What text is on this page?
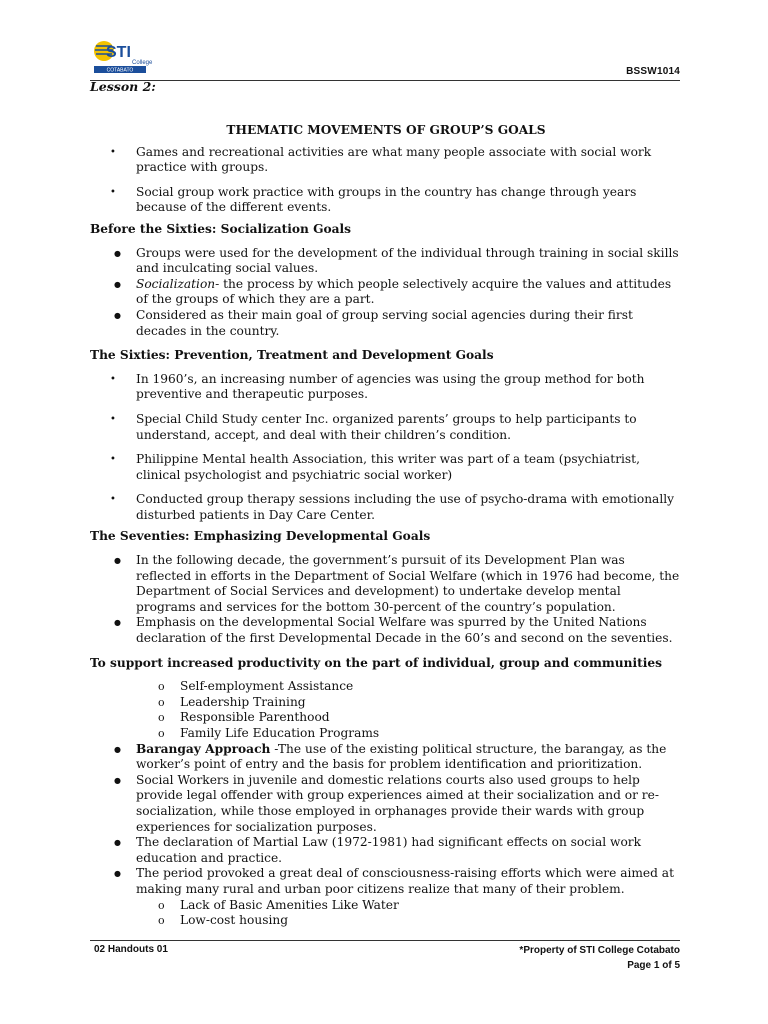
STI
College
COTABATO	BSSW1014
Lesson 2:
THEMATIC MOVEMENTS OF GROUP’S GOALS
• Games and recreational activities are what many people associate with social work practice with groups.
• Social group work practice with groups in the country has change through years because of the different events.
Before the Sixties: Socialization Goals
● Groups were used for the development of the individual through training in social skills and inculcating social values.
● Socialization- the process by which people selectively acquire the values and attitudes of the groups of which they are a part.
● Considered as their main goal of group serving social agencies during their first decades in the country.
The Sixties: Prevention, Treatment and Development Goals
• In 1960’s, an increasing number of agencies was using the group method for both preventive and therapeutic purposes.
• Special Child Study center Inc. organized parents’ groups to help participants to understand, accept, and deal with their children’s condition.
• Philippine Mental health Association, this writer was part of a team (psychiatrist, clinical psychologist and psychiatric social worker)
• Conducted group therapy sessions including the use of psycho-drama with emotionally disturbed patients in Day Care Center.
The Seventies: Emphasizing Developmental Goals
● In the following decade, the government’s pursuit of its Development Plan was reflected in efforts in the Department of Social Welfare (which in 1976 had become, the Department of Social Services and development) to undertake develop mental programs and services for the bottom 30-percent of the country’s population.
● Emphasis on the developmental Social Welfare was spurred by the United Nations declaration of the first Developmental Decade in the 60’s and second on the seventies.
To support increased productivity on the part of individual, group and communities
o Self-employment Assistance
o Leadership Training
o Responsible Parenthood
o Family Life Education Programs
● Barangay Approach -The use of the existing political structure, the barangay, as the worker’s point of entry and the basis for problem identification and prioritization.
● Social Workers in juvenile and domestic relations courts also used groups to help provide legal offender with group experiences aimed at their socialization and or re-socialization, while those employed in orphanages provide their wards with group experiences for socialization purposes.
● The declaration of Martial Law (1972-1981) had significant effects on social work education and practice.
● The period provoked a great deal of consciousness-raising efforts which were aimed at making many rural and urban poor citizens realize that many of their problem.
o Lack of Basic Amenities Like Water
o Low-cost housing
02 Handouts 01	*Property of STI College Cotabato
Page 1 of 5
